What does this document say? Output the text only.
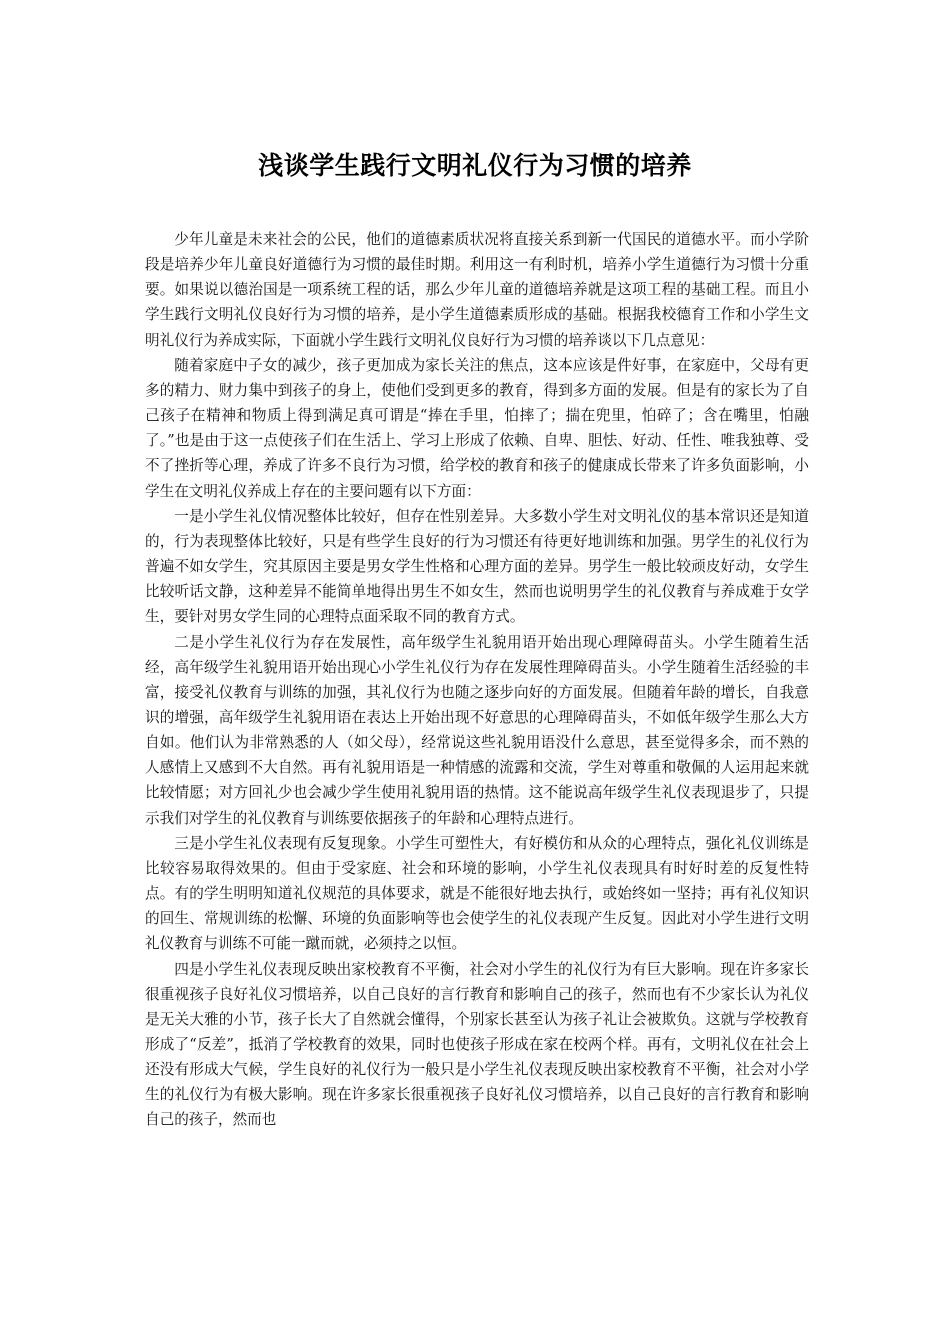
浅谈学生践行文明礼仪行为习惯的培养

少年儿童是未来社会的公民，他们的道德素质状况将直接关系到新一代国民的道德水平。而小学阶段是培养少年儿童良好道德行为习惯的最佳时期。利用这一有利时机，培养小学生道德行为习惯十分重要。如果说以德治国是一项系统工程的话，那么少年儿童的道德培养就是这项工程的基础工程。而且小学生践行文明礼仪良好行为习惯的培养，是小学生道德素质形成的基础。根据我校德育工作和小学生文明礼仪行为养成实际，下面就小学生践行文明礼仪良好行为习惯的培养谈以下几点意见：

随着家庭中子女的减少，孩子更加成为家长关注的焦点，这本应该是件好事，在家庭中，父母有更多的精力、财力集中到孩子的身上，使他们受到更多的教育，得到多方面的发展。但是有的家长为了自己孩子在精神和物质上得到满足真可谓是“捧在手里，怕摔了；揣在兜里，怕碎了；含在嘴里，怕融了。”也是由于这一点使孩子们在生活上、学习上形成了依赖、自卑、胆怯、好动、任性、唯我独尊、受不了挫折等心理，养成了许多不良行为习惯，给学校的教育和孩子的健康成长带来了许多负面影响，小学生在文明礼仪养成上存在的主要问题有以下方面：

一是小学生礼仪情况整体比较好，但存在性别差异。大多数小学生对文明礼仪的基本常识还是知道的，行为表现整体比较好，只是有些学生良好的行为习惯还有待更好地训练和加强。男学生的礼仪行为普遍不如女学生，究其原因主要是男女学生性格和心理方面的差异。男学生一般比较顽皮好动，女学生比较听话文静，这种差异不能简单地得出男生不如女生，然而也说明男学生的礼仪教育与养成难于女学生，要针对男女学生同的心理特点面采取不同的教育方式。

二是小学生礼仪行为存在发展性，高年级学生礼貌用语开始出现心理障碍苗头。小学生随着生活经，高年级学生礼貌用语开始出现心小学生礼仪行为存在发展性理障碍苗头。小学生随着生活经验的丰富，接受礼仪教育与训练的加强，其礼仪行为也随之逐步向好的方面发展。但随着年龄的增长，自我意识的增强，高年级学生礼貌用语在表达上开始出现不好意思的心理障碍苗头，不如低年级学生那么大方自如。他们认为非常熟悉的人（如父母），经常说这些礼貌用语没什么意思，甚至觉得多余，而不熟的人感情上又感到不大自然。再有礼貌用语是一种情感的流露和交流，学生对尊重和敬佩的人运用起来就比较情愿；对方回礼少也会减少学生使用礼貌用语的热情。这不能说高年级学生礼仪表现退步了，只提示我们对学生的礼仪教育与训练要依据孩子的年龄和心理特点进行。

三是小学生礼仪表现有反复现象。小学生可塑性大，有好模仿和从众的心理特点，强化礼仪训练是比较容易取得效果的。但由于受家庭、社会和环境的影响，小学生礼仪表现具有时好时差的反复性特点。有的学生明明知道礼仪规范的具体要求，就是不能很好地去执行，或始终如一坚持；再有礼仪知识的回生、常规训练的松懈、环境的负面影响等也会使学生的礼仪表现产生反复。因此对小学生进行文明礼仪教育与训练不可能一蹴而就，必须持之以恒。

四是小学生礼仪表现反映出家校教育不平衡，社会对小学生的礼仪行为有巨大影响。现在许多家长很重视孩子良好礼仪习惯培养，以自己良好的言行教育和影响自己的孩子，然而也有不少家长认为礼仪是无关大雅的小节，孩子长大了自然就会懂得，个别家长甚至认为孩子礼让会被欺负。这就与学校教育形成了“反差”，抵消了学校教育的效果，同时也使孩子形成在家在校两个样。再有，文明礼仪在社会上还没有形成大气候，学生良好的礼仪行为一般只是小学生礼仪表现反映出家校教育不平衡，社会对小学生的礼仪行为有极大影响。现在许多家长很重视孩子良好礼仪习惯培养，以自己良好的言行教育和影响自己的孩子，然而也
